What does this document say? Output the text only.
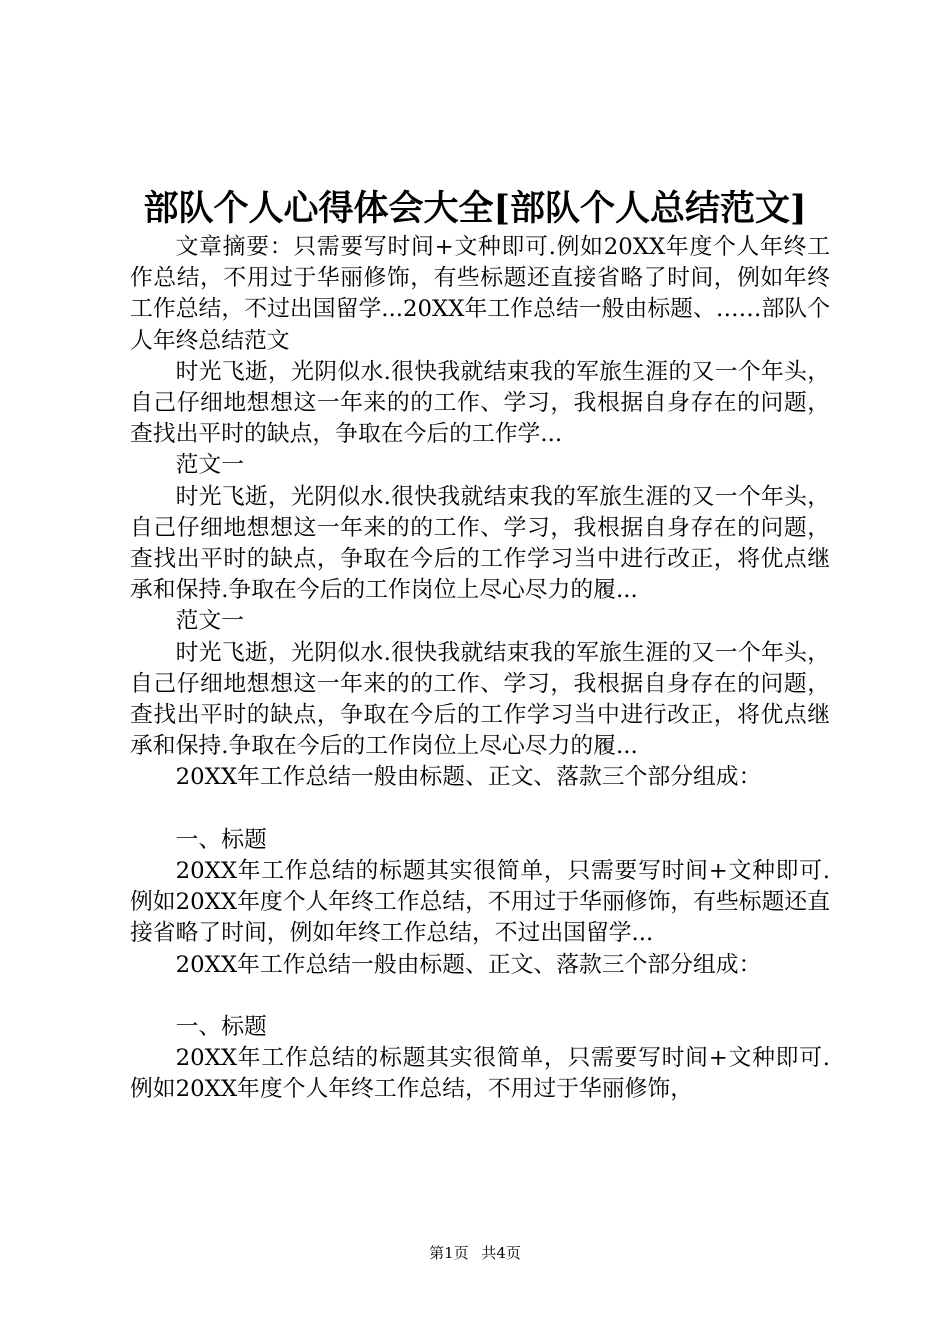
部队个人心得体会大全[部队个人总结范文]

文章摘要：只需要写时间+文种即可.例如20XX年度个人年终工作总结，不用过于华丽修饰，有些标题还直接省略了时间，例如年终工作总结，不过出国留学...20XX年工作总结一般由标题、……部队个人年终总结范文

时光飞逝，光阴似水.很快我就结束我的军旅生涯的又一个年头，自己仔细地想想这一年来的的工作、学习，我根据自身存在的问题，查找出平时的缺点，争取在今后的工作学...

范文一

时光飞逝，光阴似水.很快我就结束我的军旅生涯的又一个年头，自己仔细地想想这一年来的的工作、学习，我根据自身存在的问题，查找出平时的缺点，争取在今后的工作学习当中进行改正，将优点继承和保持.争取在今后的工作岗位上尽心尽力的履...

范文一

时光飞逝，光阴似水.很快我就结束我的军旅生涯的又一个年头，自己仔细地想想这一年来的的工作、学习，我根据自身存在的问题，查找出平时的缺点，争取在今后的工作学习当中进行改正，将优点继承和保持.争取在今后的工作岗位上尽心尽力的履...

20XX年工作总结一般由标题、正文、落款三个部分组成：

一、标题

20XX年工作总结的标题其实很简单，只需要写时间+文种即可.例如20XX年度个人年终工作总结，不用过于华丽修饰，有些标题还直接省略了时间，例如年终工作总结，不过出国留学...

20XX年工作总结一般由标题、正文、落款三个部分组成：

一、标题

20XX年工作总结的标题其实很简单，只需要写时间+文种即可.例如20XX年度个人年终工作总结，不用过于华丽修饰，

第1页 共4页
